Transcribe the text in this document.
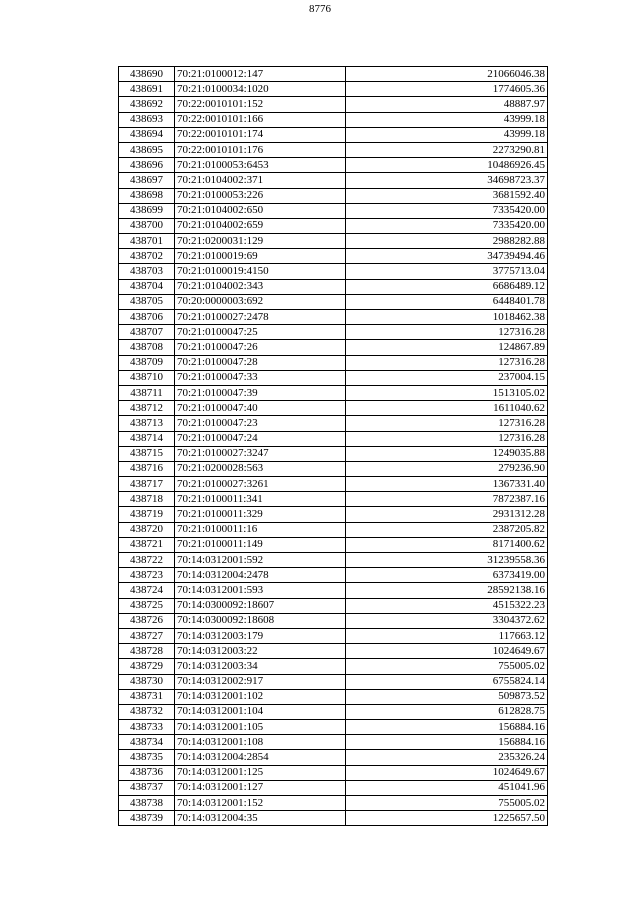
8776
438690	70:21:0100012:147	21066046.38
438691	70:21:0100034:1020	1774605.36
438692	70:22:0010101:152	48887.97
438693	70:22:0010101:166	43999.18
438694	70:22:0010101:174	43999.18
438695	70:22:0010101:176	2273290.81
438696	70:21:0100053:6453	10486926.45
438697	70:21:0104002:371	34698723.37
438698	70:21:0100053:226	3681592.40
438699	70:21:0104002:650	7335420.00
438700	70:21:0104002:659	7335420.00
438701	70:21:0200031:129	2988282.88
438702	70:21:0100019:69	34739494.46
438703	70:21:0100019:4150	3775713.04
438704	70:21:0104002:343	6686489.12
438705	70:20:0000003:692	6448401.78
438706	70:21:0100027:2478	1018462.38
438707	70:21:0100047:25	127316.28
438708	70:21:0100047:26	124867.89
438709	70:21:0100047:28	127316.28
438710	70:21:0100047:33	237004.15
438711	70:21:0100047:39	1513105.02
438712	70:21:0100047:40	1611040.62
438713	70:21:0100047:23	127316.28
438714	70:21:0100047:24	127316.28
438715	70:21:0100027:3247	1249035.88
438716	70:21:0200028:563	279236.90
438717	70:21:0100027:3261	1367331.40
438718	70:21:0100011:341	7872387.16
438719	70:21:0100011:329	2931312.28
438720	70:21:0100011:16	2387205.82
438721	70:21:0100011:149	8171400.62
438722	70:14:0312001:592	31239558.36
438723	70:14:0312004:2478	6373419.00
438724	70:14:0312001:593	28592138.16
438725	70:14:0300092:18607	4515322.23
438726	70:14:0300092:18608	3304372.62
438727	70:14:0312003:179	117663.12
438728	70:14:0312003:22	1024649.67
438729	70:14:0312003:34	755005.02
438730	70:14:0312002:917	6755824.14
438731	70:14:0312001:102	509873.52
438732	70:14:0312001:104	612828.75
438733	70:14:0312001:105	156884.16
438734	70:14:0312001:108	156884.16
438735	70:14:0312004:2854	235326.24
438736	70:14:0312001:125	1024649.67
438737	70:14:0312001:127	451041.96
438738	70:14:0312001:152	755005.02
438739	70:14:0312004:35	1225657.50
